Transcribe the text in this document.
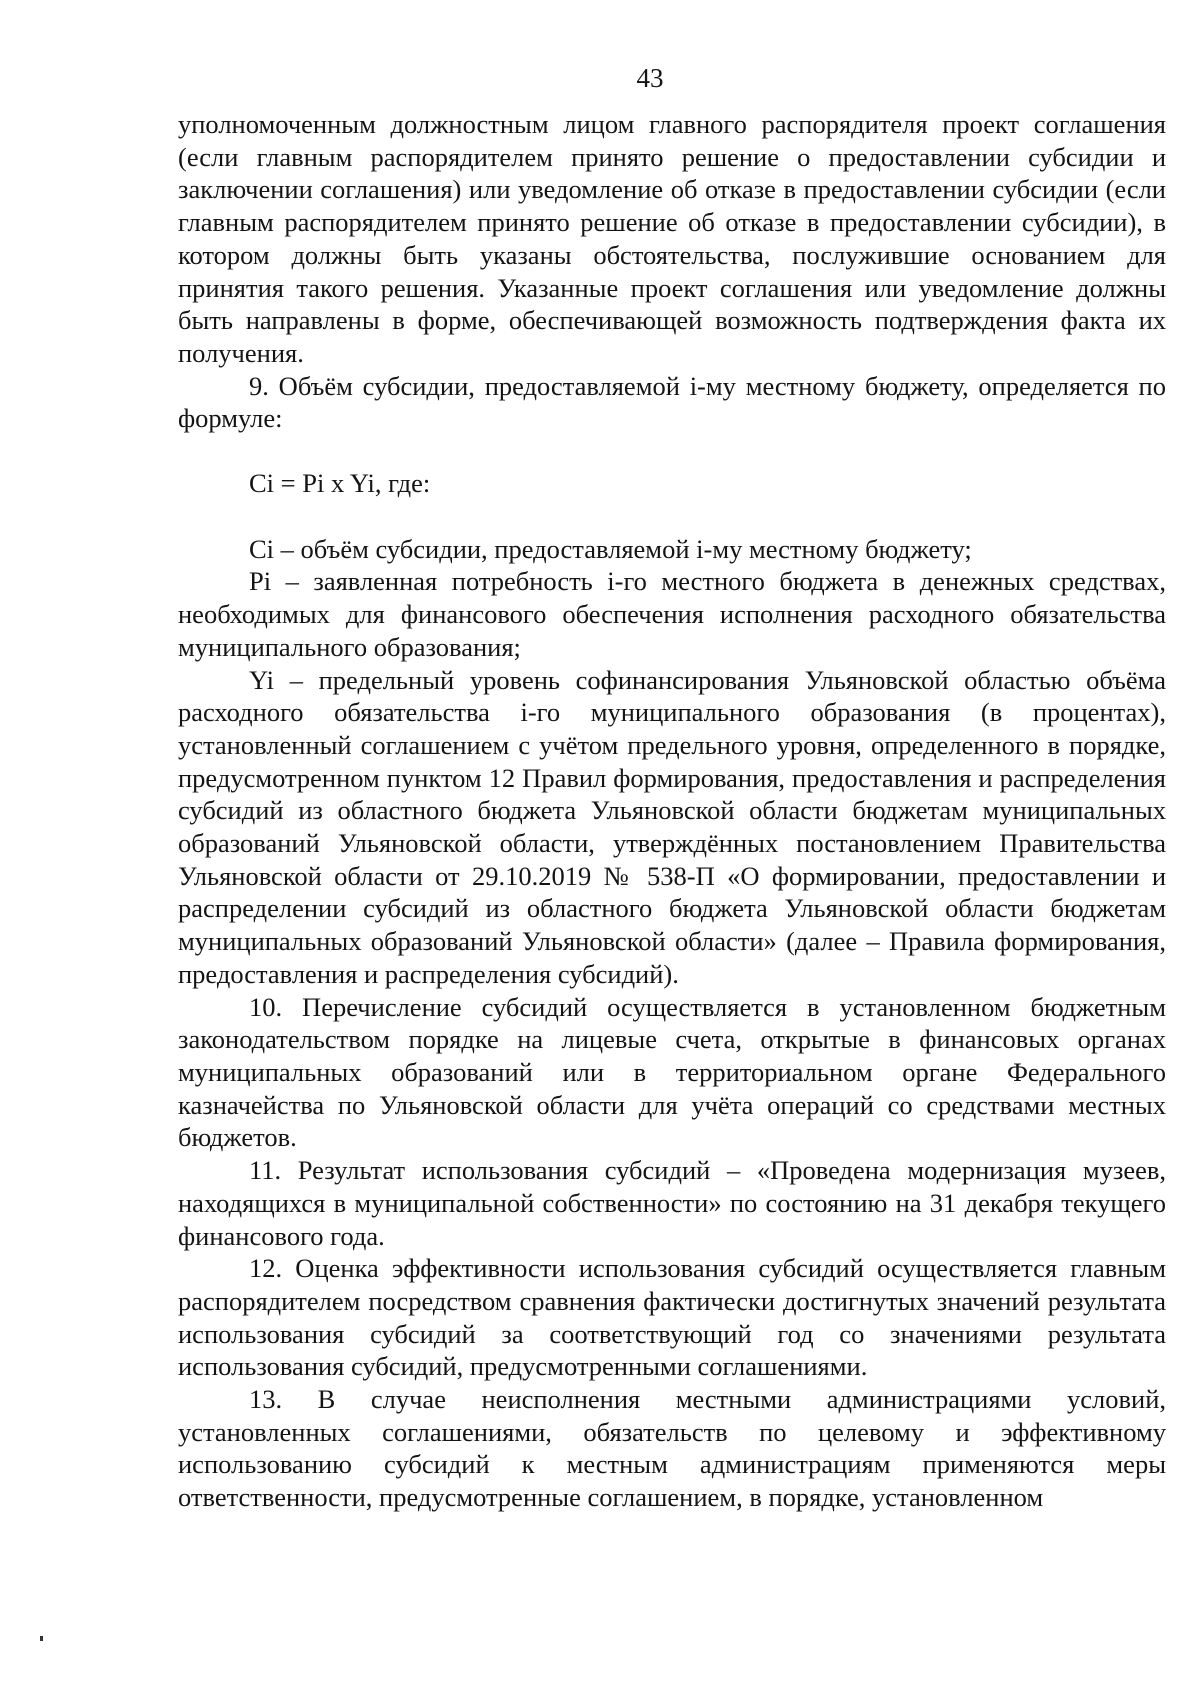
43

уполномоченным должностным лицом главного распорядителя проект соглашения (если главным распорядителем принято решение о предоставлении субсидии и заключении соглашения) или уведомление об отказе в предоставлении субсидии (если главным распорядителем принято решение об отказе в предоставлении субсидии), в котором должны быть указаны обстоятельства, послужившие основанием для принятия такого решения. Указанные проект соглашения или уведомление должны быть направлены в форме, обеспечивающей возможность подтверждения факта их получения.

9. Объём субсидии, предоставляемой i-му местному бюджету, определяется по формуле:

Ci = Pi x Yi, где:

Ci – объём субсидии, предоставляемой i-му местному бюджету;

Pi – заявленная потребность i-го местного бюджета в денежных средствах, необходимых для финансового обеспечения исполнения расходного обязательства муниципального образования;

Yi – предельный уровень софинансирования Ульяновской областью объёма расходного обязательства i-го муниципального образования (в процентах), установленный соглашением с учётом предельного уровня, определенного в порядке, предусмотренном пунктом 12 Правил формирования, предоставления и распределения субсидий из областного бюджета Ульяновской области бюджетам муниципальных образований Ульяновской области, утверждённых постановлением Правительства Ульяновской области от 29.10.2019 № 538-П «О формировании, предоставлении и распределении субсидий из областного бюджета Ульяновской области бюджетам муниципальных образований Ульяновской области» (далее – Правила формирования, предоставления и распределения субсидий).

10. Перечисление субсидий осуществляется в установленном бюджетным законодательством порядке на лицевые счета, открытые в финансовых органах муниципальных образований или в территориальном органе Федерального казначейства по Ульяновской области для учёта операций со средствами местных бюджетов.

11. Результат использования субсидий – «Проведена модернизация музеев, находящихся в муниципальной собственности» по состоянию на 31 декабря текущего финансового года.

12. Оценка эффективности использования субсидий осуществляется главным распорядителем посредством сравнения фактически достигнутых значений результата использования субсидий за соответствующий год со значениями результата использования субсидий, предусмотренными соглашениями.

13. В случае неисполнения местными администрациями условий, установленных соглашениями, обязательств по целевому и эффективному использованию субсидий к местным администрациям применяются меры ответственности, предусмотренные соглашением, в порядке, установленном
